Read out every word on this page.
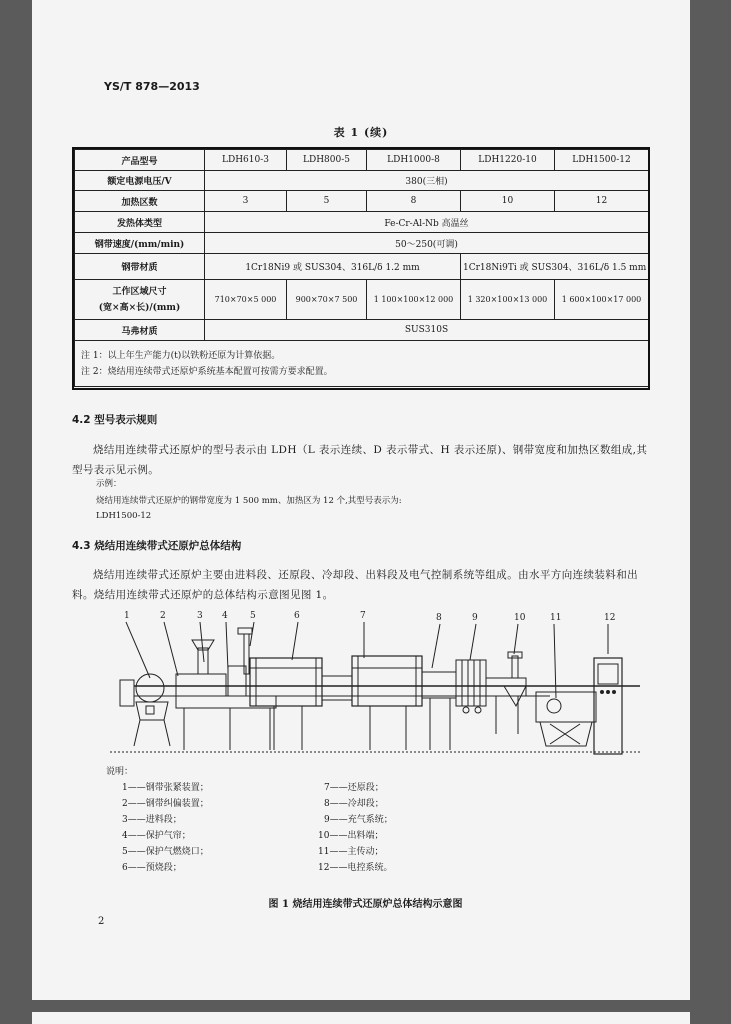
YS/T 878—2013
表 1 (续)
产品型号	LDH610-3	LDH800-5	LDH1000-8	LDH1220-10	LDH1500-12
额定电源电压/V	380(三相)				
加热区数	3	5	8	10	12
发热体类型	Fe-Cr-Al-Nb 高温丝				
钢带速度/(mm/min)	50～250(可调)				
钢带材质	1Cr18Ni9 或 SUS304、316L/δ 1.2 mm			1Cr18Ni9Ti 或 SUS304、316L/δ 1.5 mm	

工作区域尺寸
(宽×高×长)/(mm)	710×70×5 000	900×70×7 500	1 100×100×12 000	1 320×100×13 000	1 600×100×17 000
马弗材质	SUS310S				

注 1：以上年生产能力(t)以铁粉还原为计算依据。
注 2：烧结用连续带式还原炉系统基本配置可按需方要求配置。					
4.2 型号表示规则
烧结用连续带式还原炉的型号表示由 LDH（L 表示连续、D 表示带式、H 表示还原)、钢带宽度和加热区数组成,其型号表示见示例。
示例：
烧结用连续带式还原炉的钢带宽度为 1 500 mm、加热区为 12 个,其型号表示为:
LDH1500-12
4.3 烧结用连续带式还原炉总体结构
烧结用连续带式还原炉主要由进料段、还原段、冷却段、出料段及电气控制系统等组成。由水平方向连续装料和出料。烧结用连续带式还原炉的总体结构示意图见图 1。
1	2	3 4 5	6	7	8	9	10	11	12
说明：
1——钢带张紧装置；
2——钢带纠偏装置；
3——进料段；
4——保护气帘；
5——保护气燃烧口；
6——预烧段；
7——还原段；
8——冷却段；
9——充气系统；
10——出料端；
11——主传动；
12——电控系统。
图 1 烧结用连续带式还原炉总体结构示意图
2
